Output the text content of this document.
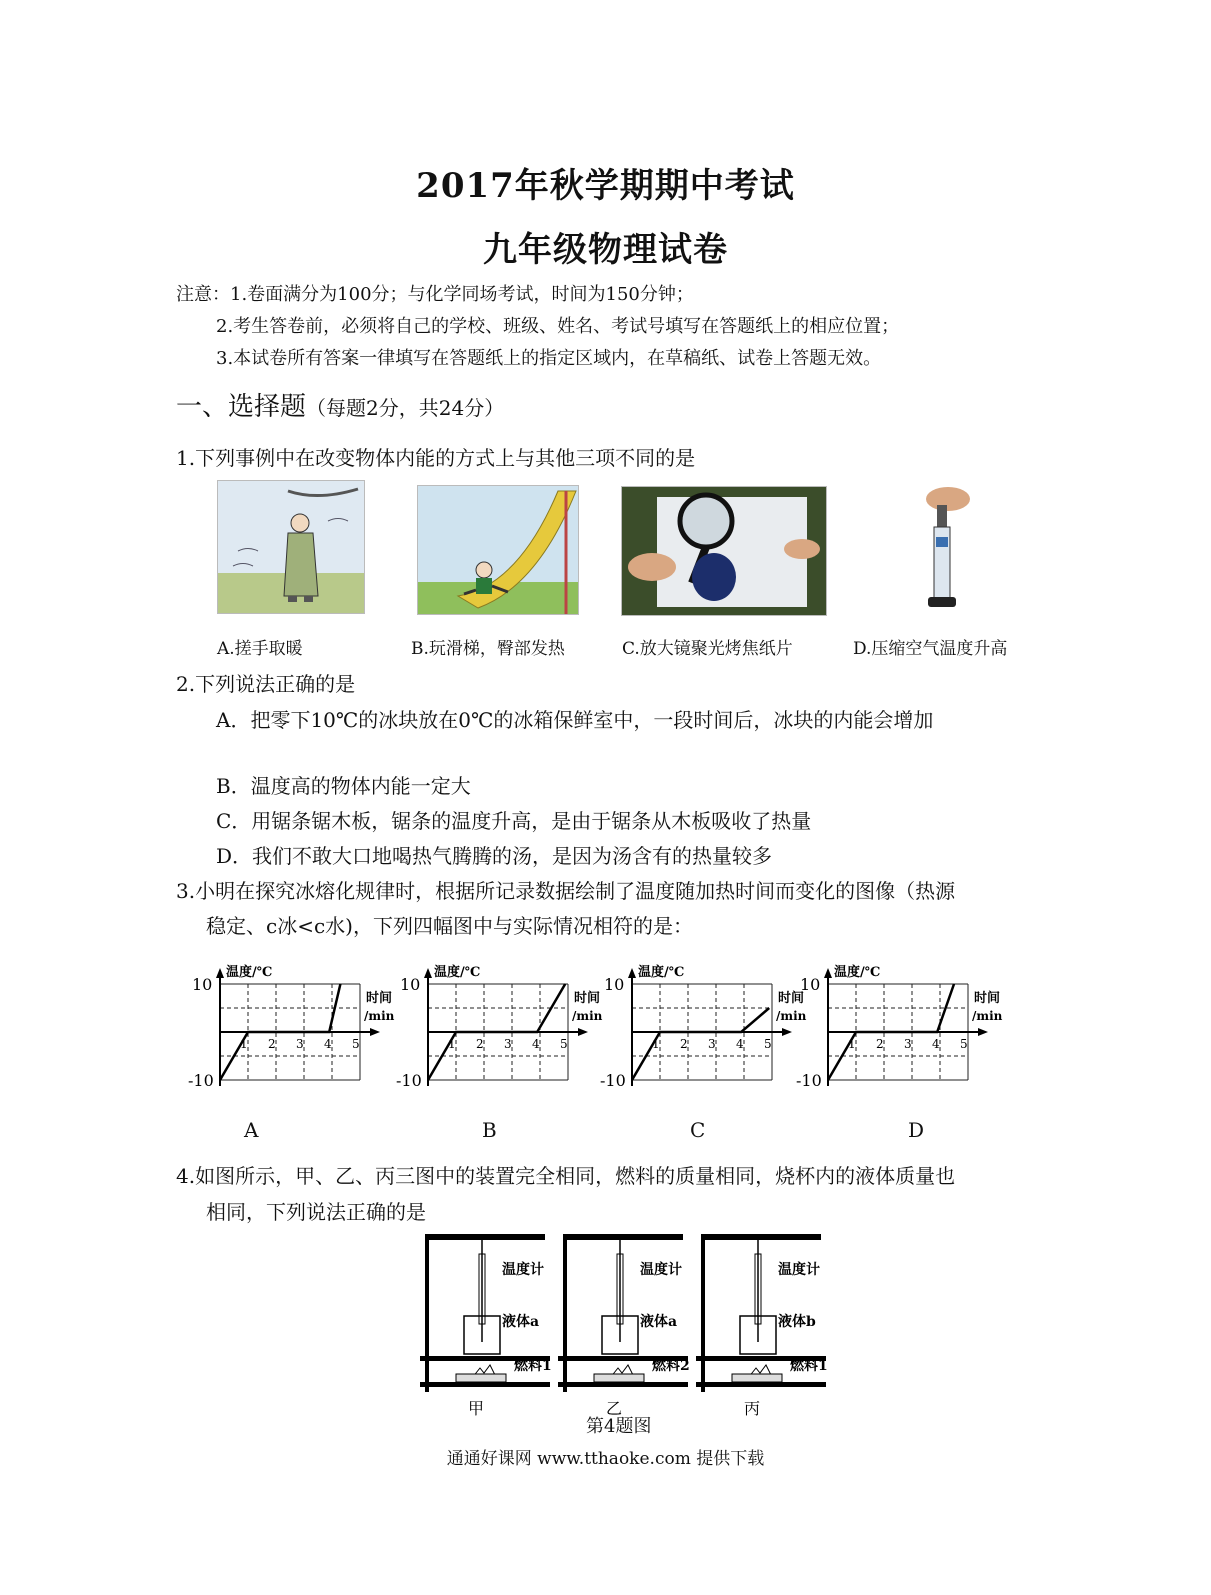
2017年秋学期期中考试
九年级物理试卷
注意：1.卷面满分为100分；与化学同场考试，时间为150分钟；
2.考生答卷前，必须将自己的学校、班级、姓名、考试号填写在答题纸上的相应位置；
3.本试卷所有答案一律填写在答题纸上的指定区域内，在草稿纸、试卷上答题无效。
一、选择题（每题2分，共24分）
1.下列事例中在改变物体内能的方式上与其他三项不同的是
A.搓手取暖	B.玩滑梯，臀部发热	C.放大镜聚光烤焦纸片	D.压缩空气温度升高
2.下列说法正确的是
A．把零下10℃的冰块放在0℃的冰箱保鲜室中，一段时间后，冰块的内能会增加
B．温度高的物体内能一定大
C．用锯条锯木板，锯条的温度升高，是由于锯条从木板吸收了热量
D．我们不敢大口地喝热气腾腾的汤，是因为汤含有的热量较多
3.小明在探究冰熔化规律时，根据所记录数据绘制了温度随加热时间而变化的图像（热源
稳定、c冰<c水)，下列四幅图中与实际情况相符的是：
温度/℃
时间
/min
10
-10
1 2 3 4 5
温度/℃
时间
/min
10
-10
1 2 3 4 5
温度/℃
时间
/min
10
-10
1 2 3 4 5
温度/℃
时间
/min
10
-10
1 2 3 4 5
A	B	C	D
4.如图所示，甲、乙、丙三图中的装置完全相同，燃料的质量相同，烧杯内的液体质量也
相同，下列说法正确的是
温度计
液体a
燃料1
甲
温度计
液体a
燃料2
乙
温度计
液体b
燃料1
丙
第4题图
通通好课网 www.tthaoke.com 提供下载
